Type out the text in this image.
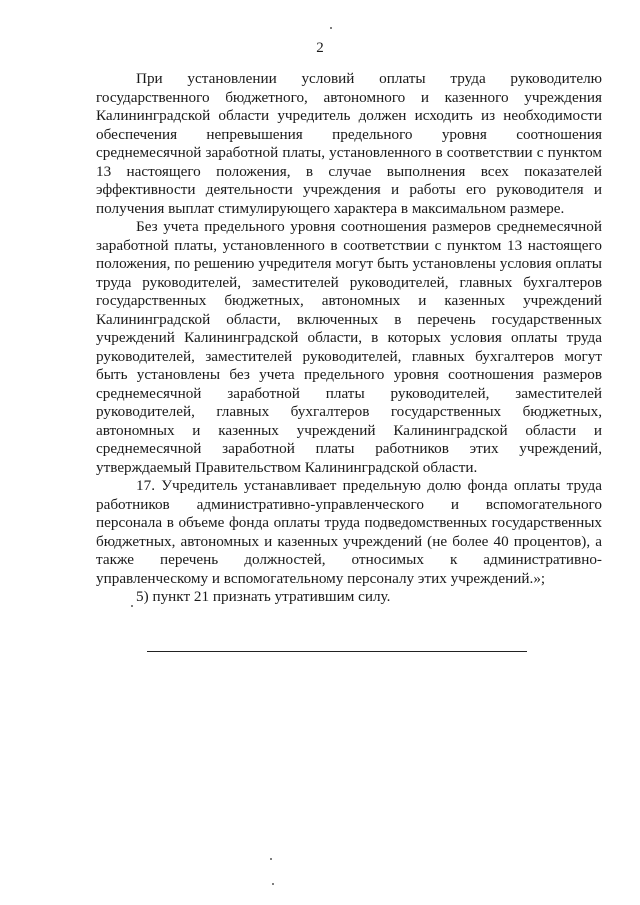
2

При установлении условий оплаты труда руководителю государственного бюджетного, автономного и казенного учреждения Калининградской области учредитель должен исходить из необходимости обеспечения непревышения предельного уровня соотношения среднемесячной заработной платы, установленного в соответствии с пунктом 13 настоящего положения, в случае выполнения всех показателей эффективности деятельности учреждения и работы его руководителя и получения выплат стимулирующего характера в максимальном размере.

Без учета предельного уровня соотношения размеров среднемесячной заработной платы, установленного в соответствии с пунктом 13 настоящего положения, по решению учредителя могут быть установлены условия оплаты труда руководителей, заместителей руководителей, главных бухгалтеров государственных бюджетных, автономных и казенных учреждений Калининградской области, включенных в перечень государственных учреждений Калининградской области, в которых условия оплаты труда руководителей, заместителей руководителей, главных бухгалтеров могут быть установлены без учета предельного уровня соотношения размеров среднемесячной заработной платы руководителей, заместителей руководителей, главных бухгалтеров государственных бюджетных, автономных и казенных учреждений Калининградской области и среднемесячной заработной платы работников этих учреждений, утверждаемый Правительством Калининградской области.

17. Учредитель устанавливает предельную долю фонда оплаты труда работников административно-управленческого и вспомогательного персонала в объеме фонда оплаты труда подведомственных государственных бюджетных, автономных и казенных учреждений (не более 40 процентов), а также перечень должностей, относимых к административно-управленческому и вспомогательному персоналу этих учреждений.»;

5) пункт 21 признать утратившим силу.
